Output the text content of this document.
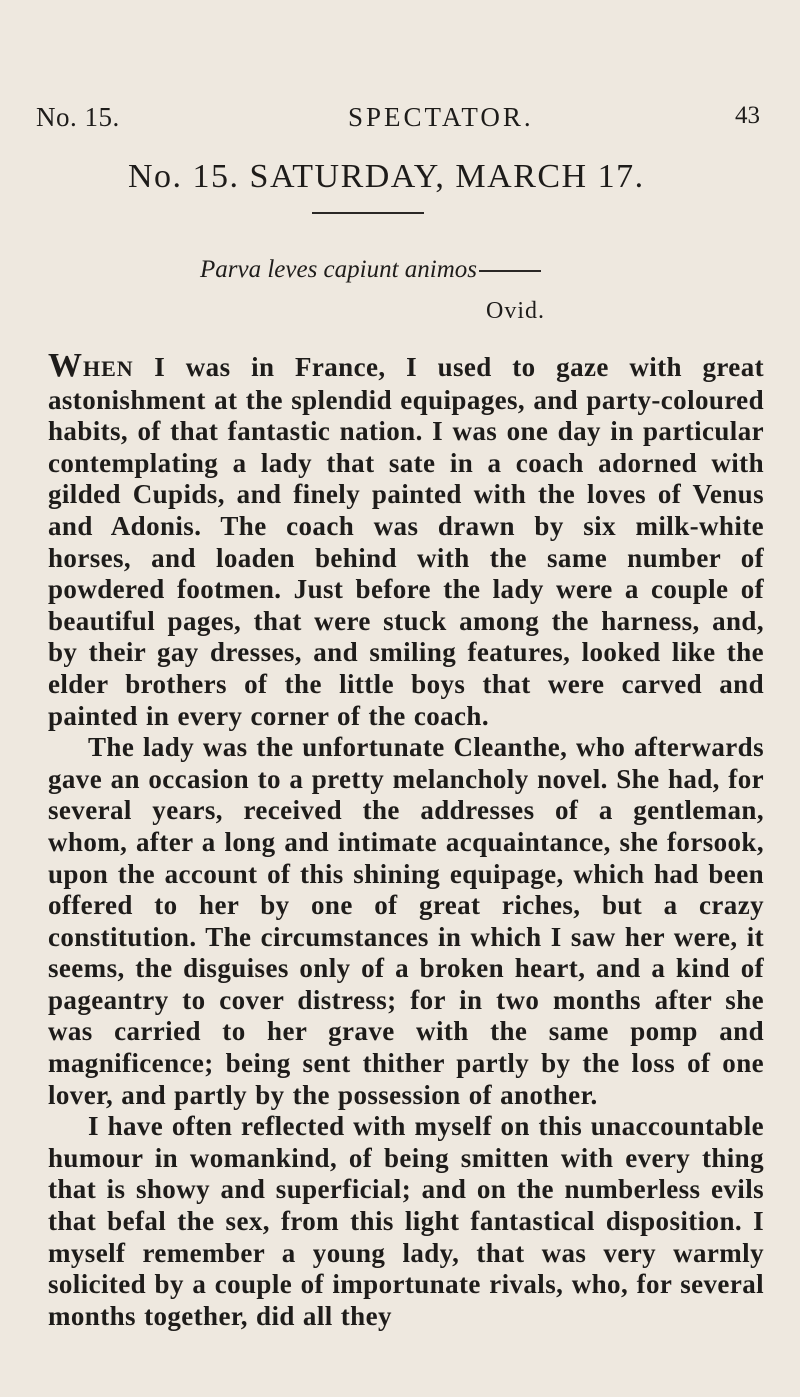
No. 15.	SPECTATOR.	43
No. 15. SATURDAY, MARCH 17.
Parva leves capiunt animos
Ovid.

WHEN I was in France, I used to gaze with great astonishment at the splendid equipages, and party-coloured habits, of that fantastic nation. I was one day in particular contemplating a lady that sate in a coach adorned with gilded Cupids, and finely painted with the loves of Venus and Adonis. The coach was drawn by six milk-white horses, and loaden behind with the same number of powdered footmen. Just before the lady were a couple of beautiful pages, that were stuck among the harness, and, by their gay dresses, and smiling features, looked like the elder brothers of the little boys that were carved and painted in every corner of the coach.

The lady was the unfortunate Cleanthe, who afterwards gave an occasion to a pretty melancholy novel. She had, for several years, received the addresses of a gentleman, whom, after a long and intimate acquaintance, she forsook, upon the account of this shining equipage, which had been offered to her by one of great riches, but a crazy constitution. The circumstances in which I saw her were, it seems, the disguises only of a broken heart, and a kind of pageantry to cover distress; for in two months after she was carried to her grave with the same pomp and magnificence; being sent thither partly by the loss of one lover, and partly by the possession of another.

I have often reflected with myself on this unaccountable humour in womankind, of being smitten with every thing that is showy and superficial; and on the numberless evils that befal the sex, from this light fantastical disposition. I myself remember a young lady, that was very warmly solicited by a couple of importunate rivals, who, for several months together, did all they
